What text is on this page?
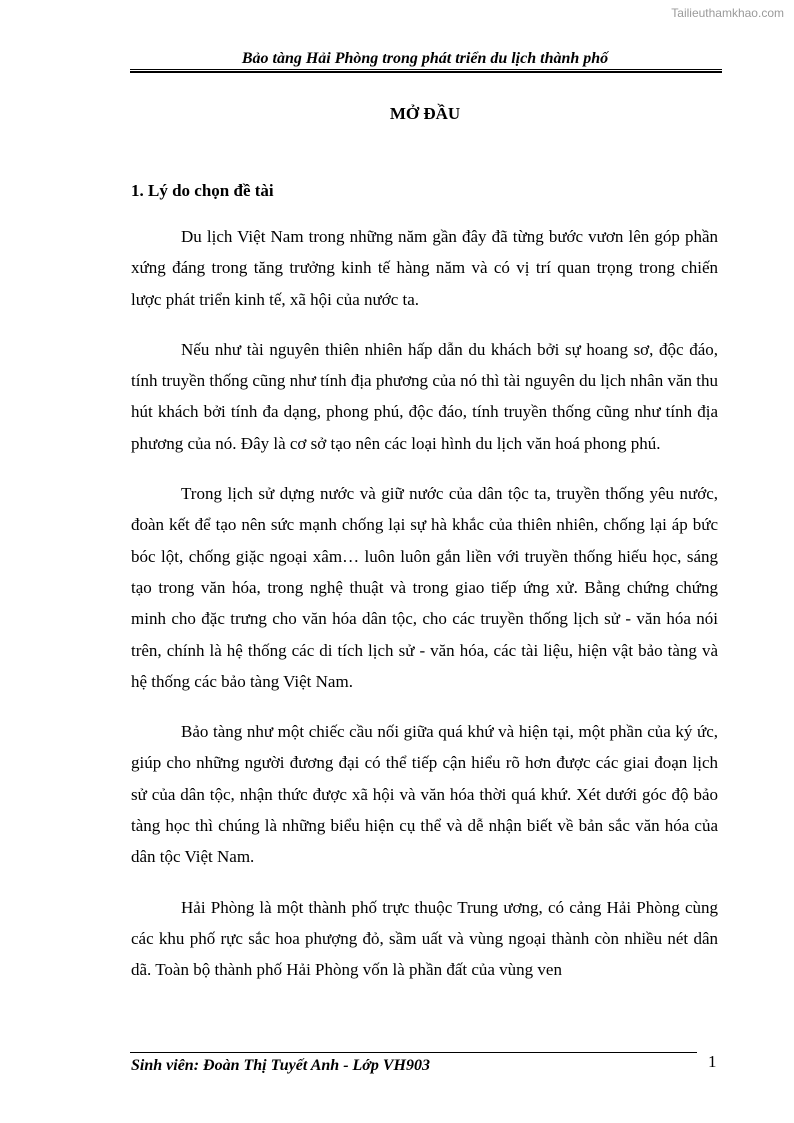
Tailieuthamkhao.com
Bảo tàng Hải Phòng trong phát triển du lịch thành phố
MỞ ĐẦU
1. Lý do chọn đề tài

Du lịch Việt Nam trong những năm gần đây đã từng bước vươn lên góp phần xứng đáng trong tăng trưởng kinh tế hàng năm và có vị trí quan trọng trong chiến lược phát triển kinh tế, xã hội của nước ta.

Nếu như tài nguyên thiên nhiên hấp dẫn du khách bởi sự hoang sơ, độc đáo, tính truyền thống cũng như tính địa phương của nó thì tài nguyên du lịch nhân văn thu hút khách bởi tính đa dạng, phong phú, độc đáo, tính truyền thống cũng như tính địa phương của nó. Đây là cơ sở tạo nên các loại hình du lịch văn hoá phong phú.

Trong lịch sử dựng nước và giữ nước của dân tộc ta, truyền thống yêu nước, đoàn kết để tạo nên sức mạnh chống lại sự hà khắc của thiên nhiên, chống lại áp bức bóc lột, chống giặc ngoại xâm… luôn luôn gắn liền với truyền thống hiếu học, sáng tạo trong văn hóa, trong nghệ thuật và trong giao tiếp ứng xử. Bằng chứng chứng minh cho đặc trưng cho văn hóa dân tộc, cho các truyền thống lịch sử - văn hóa nói trên, chính là hệ thống các di tích lịch sử - văn hóa, các tài liệu, hiện vật bảo tàng và hệ thống các bảo tàng Việt Nam.

Bảo tàng như một chiếc cầu nối giữa quá khứ và hiện tại, một phần của ký ức, giúp cho những người đương đại có thể tiếp cận hiểu rõ hơn được các giai đoạn lịch sử của dân tộc, nhận thức được xã hội và văn hóa thời quá khứ. Xét dưới góc độ bảo tàng học thì chúng là những biểu hiện cụ thể và dễ nhận biết về bản sắc văn hóa của dân tộc Việt Nam.

Hải Phòng là một thành phố trực thuộc Trung ương, có cảng Hải Phòng cùng các khu phố rực sắc hoa phượng đỏ, sầm uất và vùng ngoại thành còn nhiều nét dân dã. Toàn bộ thành phố Hải Phòng vốn là phần đất của vùng ven

Sinh viên: Đoàn Thị Tuyết Anh - Lớp VH903	1
